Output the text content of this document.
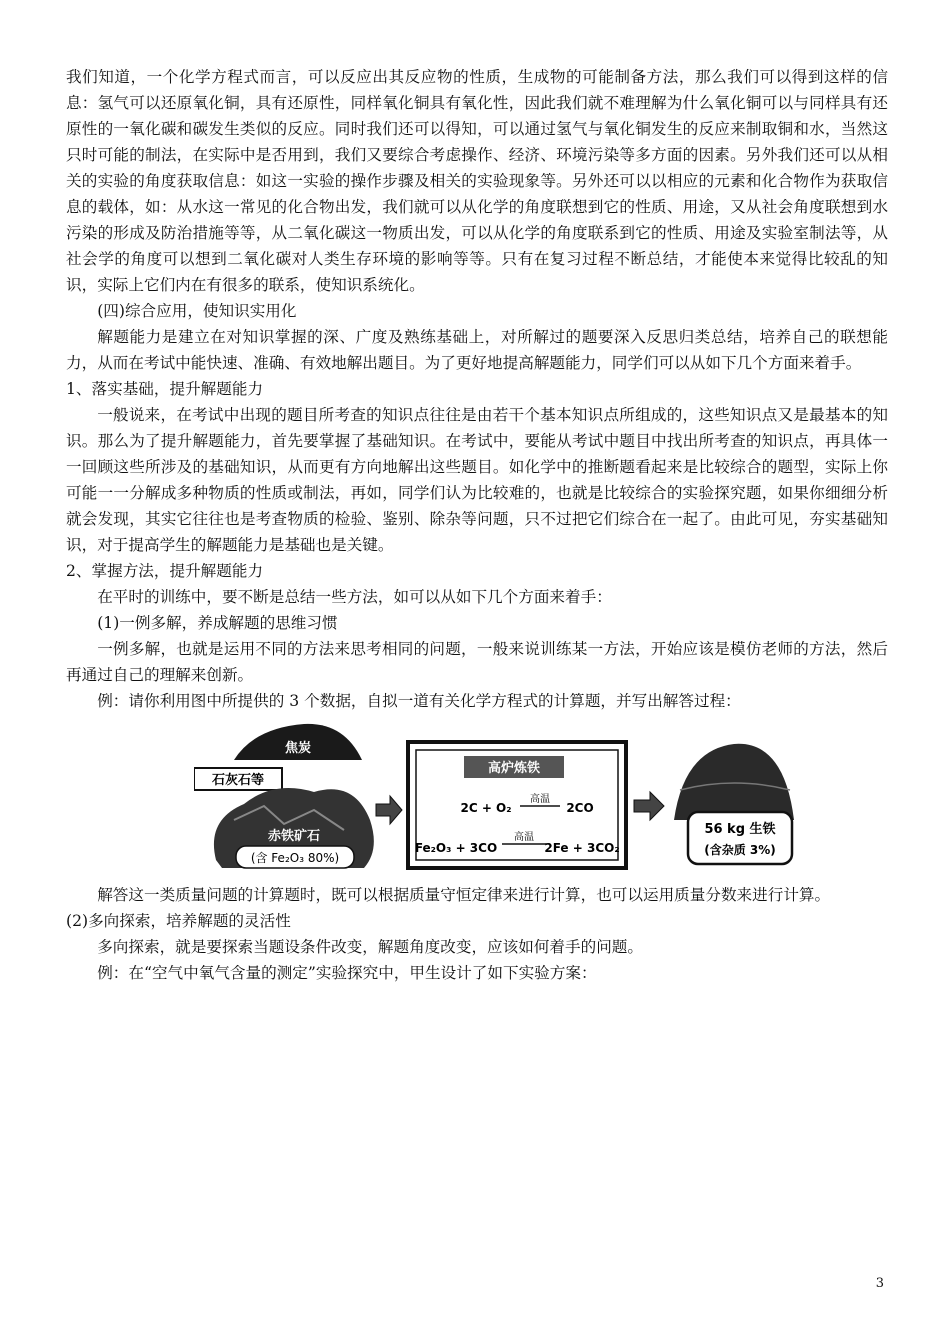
我们知道，一个化学方程式而言，可以反应出其反应物的性质，生成物的可能制备方法，那么我们可以得到这样的信息：氢气可以还原氧化铜，具有还原性，同样氧化铜具有氧化性，因此我们就不难理解为什么氧化铜可以与同样具有还原性的一氧化碳和碳发生类似的反应。同时我们还可以得知，可以通过氢气与氧化铜发生的反应来制取铜和水，当然这只时可能的制法，在实际中是否用到，我们又要综合考虑操作、经济、环境污染等多方面的因素。另外我们还可以从相关的实验的角度获取信息：如这一实验的操作步骤及相关的实验现象等。另外还可以以相应的元素和化合物作为获取信息的载体，如：从水这一常见的化合物出发，我们就可以从化学的角度联想到它的性质、用途，又从社会角度联想到水污染的形成及防治措施等等，从二氧化碳这一物质出发，可以从化学的角度联系到它的性质、用途及实验室制法等，从社会学的角度可以想到二氧化碳对人类生存环境的影响等等。只有在复习过程不断总结，才能使本来觉得比较乱的知识，实际上它们内在有很多的联系，使知识系统化。

(四)综合应用，使知识实用化

解题能力是建立在对知识掌握的深、广度及熟练基础上，对所解过的题要深入反思归类总结，培养自己的联想能力，从而在考试中能快速、准确、有效地解出题目。为了更好地提高解题能力，同学们可以从如下几个方面来着手。

1、落实基础，提升解题能力

一般说来，在考试中出现的题目所考查的知识点往往是由若干个基本知识点所组成的，这些知识点又是最基本的知识。那么为了提升解题能力，首先要掌握了基础知识。在考试中，要能从考试中题目中找出所考查的知识点，再具体一一回顾这些所涉及的基础知识，从而更有方向地解出这些题目。如化学中的推断题看起来是比较综合的题型，实际上你可能一一分解成多种物质的性质或制法，再如，同学们认为比较难的，也就是比较综合的实验探究题，如果你细细分析就会发现，其实它往往也是考查物质的检验、鉴别、除杂等问题，只不过把它们综合在一起了。由此可见，夯实基础知识，对于提高学生的解题能力是基础也是关键。

2、掌握方法，提升解题能力

在平时的训练中，要不断是总结一些方法，如可以从如下几个方面来着手：

(1)一例多解，养成解题的思维习惯

一例多解，也就是运用不同的方法来思考相同的问题，一般来说训练某一方法，开始应该是模仿老师的方法，然后再通过自己的理解来创新。

例：请你利用图中所提供的 3 个数据，自拟一道有关化学方程式的计算题，并写出解答过程：

焦炭
石灰石等
赤铁矿石
(含 Fe₂O₃ 80%)
高炉炼铁
2C + O₂
高温
2CO
Fe₂O₃ + 3CO
高温
2Fe + 3CO₂
56 kg 生铁
(含杂质 3%)

解答这一类质量问题的计算题时，既可以根据质量守恒定律来进行计算，也可以运用质量分数来进行计算。

(2)多向探索，培养解题的灵活性

多向探索，就是要探索当题设条件改变，解题角度改变，应该如何着手的问题。

例：在“空气中氧气含量的测定”实验探究中，甲生设计了如下实验方案：

3
